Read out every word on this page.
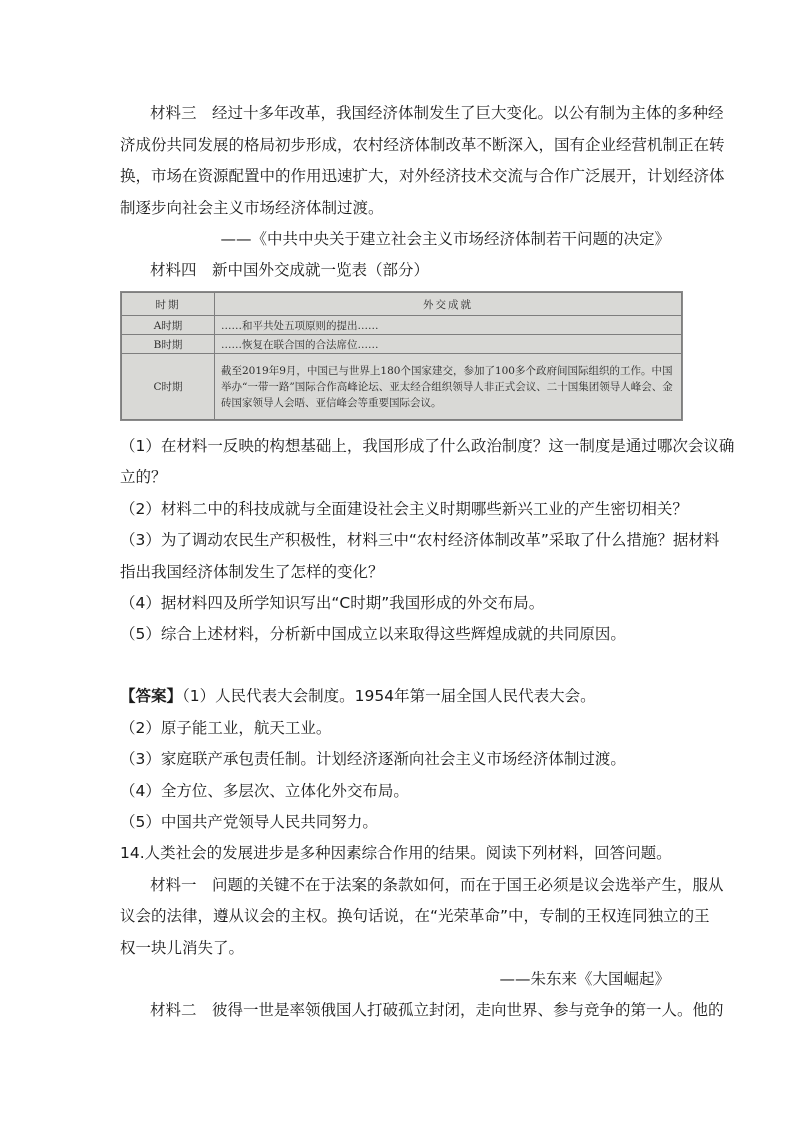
材料三　经过十多年改革，我国经济体制发生了巨大变化。以公有制为主体的多种经
济成份共同发展的格局初步形成，农村经济体制改革不断深入，国有企业经营机制正在转
换，市场在资源配置中的作用迅速扩大，对外经济技术交流与合作广泛展开，计划经济体
制逐步向社会主义市场经济体制过渡。
——《中共中央关于建立社会主义市场经济体制若干问题的决定》
材料四　新中国外交成就一览表（部分）
时期	外交成就
A时期	……和平共处五项原则的提出……
B时期	……恢复在联合国的合法席位……
C时期	截至2019年9月，中国已与世界上180个国家建交，参加了100多个政府间国际组织的工作。中国举办“一带一路”国际合作高峰论坛、亚太经合组织领导人非正式会议、二十国集团领导人峰会、金砖国家领导人会晤、亚信峰会等重要国际会议。
（1）在材料一反映的构想基础上，我国形成了什么政治制度？这一制度是通过哪次会议确
立的？
（2）材料二中的科技成就与全面建设社会主义时期哪些新兴工业的产生密切相关？
（3）为了调动农民生产积极性，材料三中“农村经济体制改革”采取了什么措施？据材料
指出我国经济体制发生了怎样的变化？
（4）据材料四及所学知识写出“C时期”我国形成的外交布局。
（5）综合上述材料，分析新中国成立以来取得这些辉煌成就的共同原因。
【答案】（1）人民代表大会制度。1954年第一届全国人民代表大会。
（2）原子能工业，航天工业。
（3）家庭联产承包责任制。计划经济逐渐向社会主义市场经济体制过渡。
（4）全方位、多层次、立体化外交布局。
（5）中国共产党领导人民共同努力。
14.人类社会的发展进步是多种因素综合作用的结果。阅读下列材料，回答问题。
材料一　问题的关键不在于法案的条款如何，而在于国王必须是议会选举产生，服从
议会的法律，遵从议会的主权。换句话说，在“光荣革命”中，专制的王权连同独立的王
权一块儿消失了。
——朱东来《大国崛起》
材料二　彼得一世是率领俄国人打破孤立封闭，走向世界、参与竞争的第一人。他的
